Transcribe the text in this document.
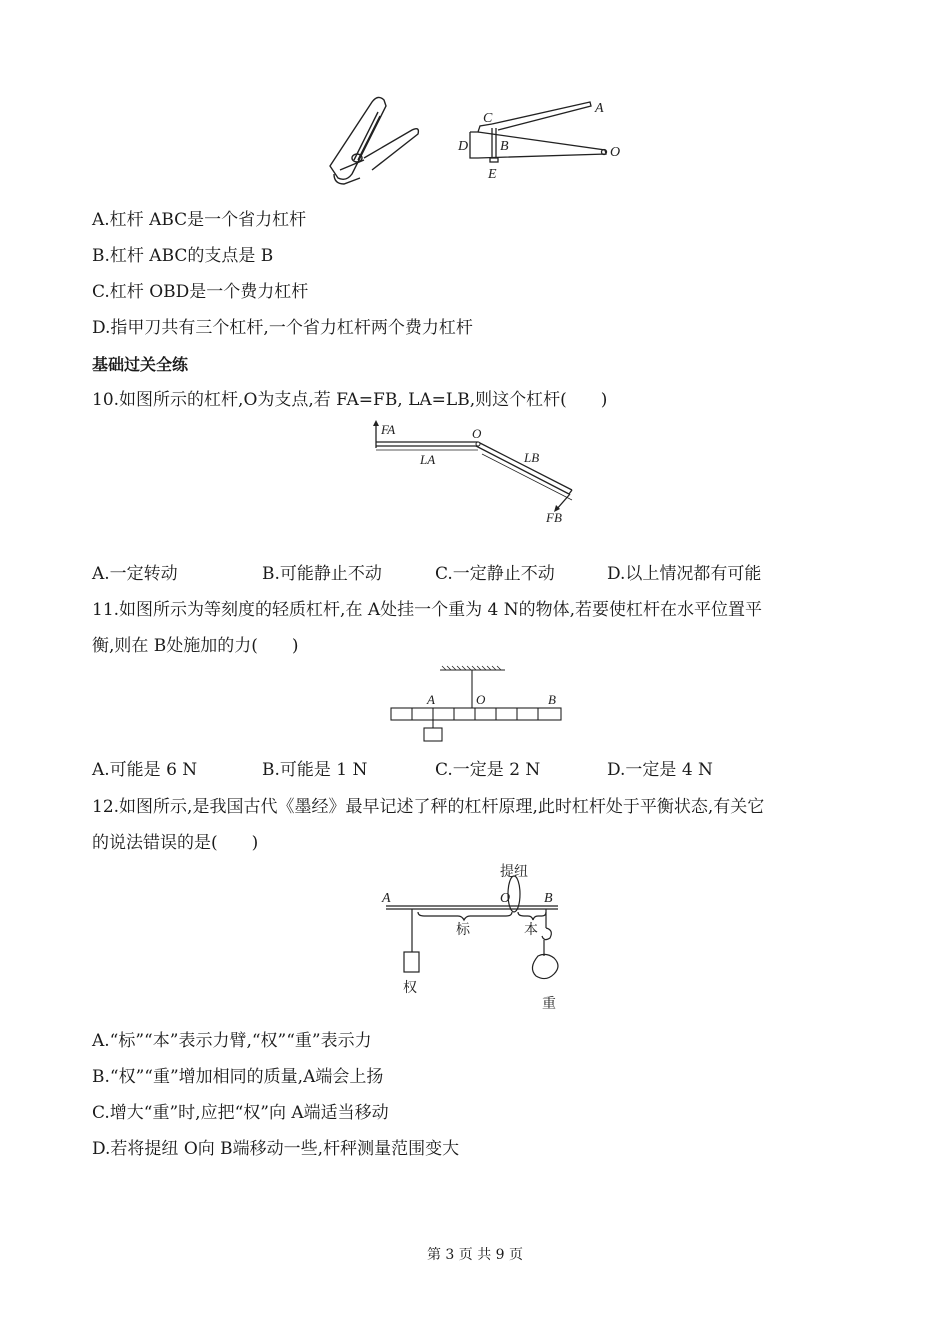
C
A
D B	O
E
A.杠杆 ABC是一个省力杠杆
B.杠杆 ABC的支点是 B
C.杠杆 OBD是一个费力杠杆
D.指甲刀共有三个杠杆,一个省力杠杆两个费力杠杆
基础过关全练
10.如图所示的杠杆,O为支点,若 FA=FB, LA=LB,则这个杠杆(　　)
FA
LA
O
LB
FB
A.一定转动	B.可能静止不动	C.一定静止不动	D.以上情况都有可能
11.如图所示为等刻度的轻质杠杆,在 A处挂一个重为 4 N的物体,若要使杠杆在水平位置平
衡,则在 B处施加的力(　　)
A	O	B
A.可能是 6 N	B.可能是 1 N	C.一定是 2 N	D.一定是 4 N
12.如图所示,是我国古代《墨经》最早记述了秤的杠杆原理,此时杠杆处于平衡状态,有关它
的说法错误的是(　　)
提纽
A	O B
标	本
权
重
A.“标”“本”表示力臂,“权”“重”表示力
B.“权”“重”增加相同的质量,A端会上扬
C.增大“重”时,应把“权”向 A端适当移动
D.若将提纽 O向 B端移动一些,杆秤测量范围变大
第 3 页 共 9 页
